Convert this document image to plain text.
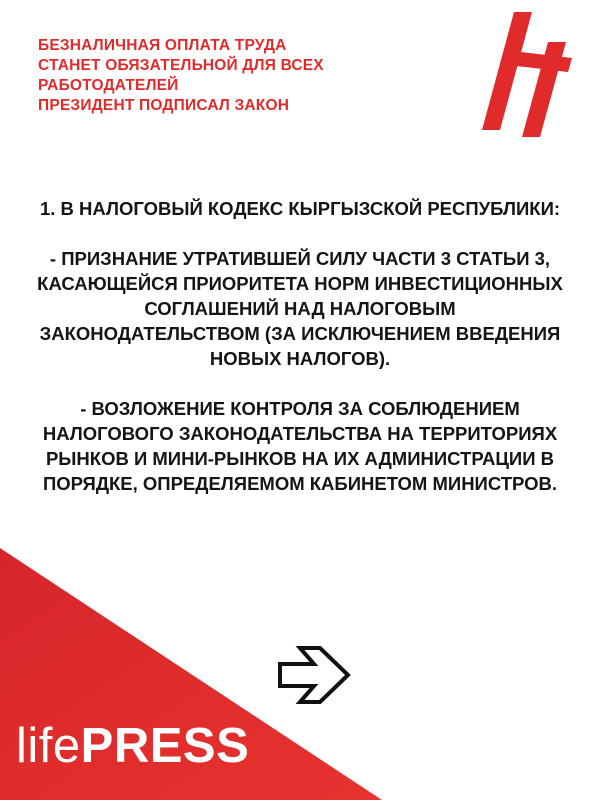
БЕЗНАЛИЧНАЯ ОПЛАТА ТРУДА
СТАНЕТ ОБЯЗАТЕЛЬНОЙ ДЛЯ ВСЕХ
РАБОТОДАТЕЛЕЙ
ПРЕЗИДЕНТ ПОДПИСАЛ ЗАКОН
1. В НАЛОГОВЫЙ КОДЕКС КЫРГЫЗСКОЙ РЕСПУБЛИКИ:
- ПРИЗНАНИЕ УТРАТИВШЕЙ СИЛУ ЧАСТИ 3 СТАТЬИ 3,
КАСАЮЩЕЙСЯ ПРИОРИТЕТА НОРМ ИНВЕСТИЦИОННЫХ
СОГЛАШЕНИЙ НАД НАЛОГОВЫМ
ЗАКОНОДАТЕЛЬСТВОМ (ЗА ИСКЛЮЧЕНИЕМ ВВЕДЕНИЯ
НОВЫХ НАЛОГОВ).
- ВОЗЛОЖЕНИЕ КОНТРОЛЯ ЗА СОБЛЮДЕНИЕМ
НАЛОГОВОГО ЗАКОНОДАТЕЛЬСТВА НА ТЕРРИТОРИЯХ
РЫНКОВ И МИНИ-РЫНКОВ НА ИХ АДМИНИСТРАЦИИ В
ПОРЯДКЕ, ОПРЕДЕЛЯЕМОМ КАБИНЕТОМ МИНИСТРОВ.
lifePRESS
